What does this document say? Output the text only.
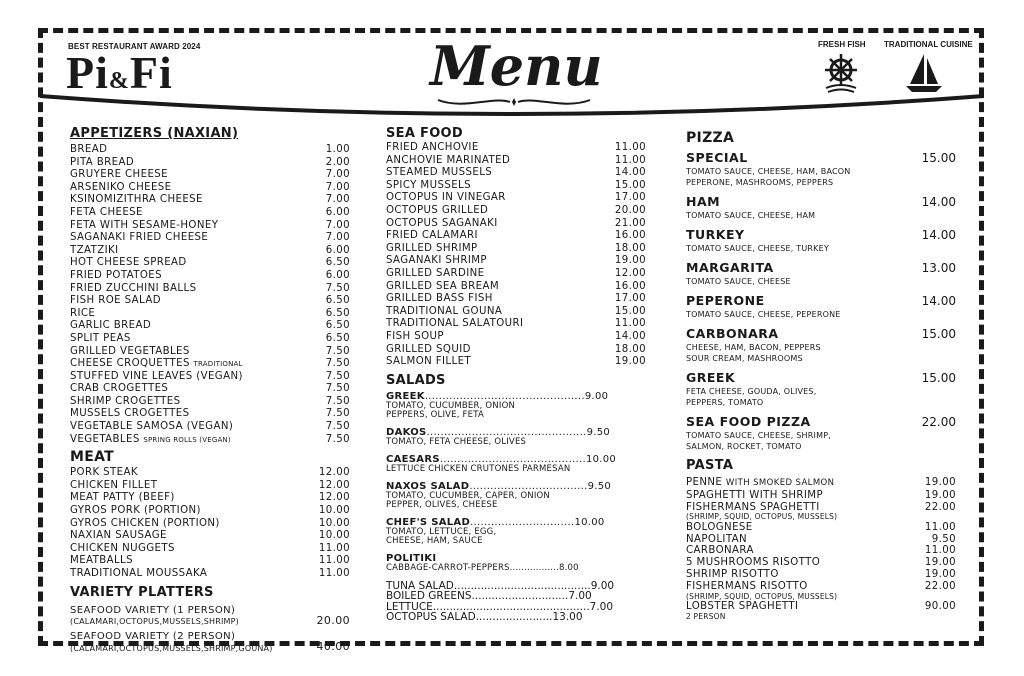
BEST RESTAURANT AWARD 2024
Pi&Fi	Menu	FRESH FISH TRADITIONAL CUISINE
APPETIZERS (NAXIAN)
BREAD	1.00
PITA BREAD	2.00
GRUYERE CHEESE	7.00
ARSENIKO CHEESE	7.00
KSINOMIZITHRA CHEESE	7.00
FETA CHEESE	6.00
FETA WITH SESAME-HONEY	7.00
SAGANAKI FRIED CHEESE	7.00
TZATZIKI	6.00
HOT CHEESE SPREAD	6.50
FRIED POTATOES	6.00
FRIED ZUCCHINI BALLS	7.50
FISH ROE SALAD	6.50
RICE	6.50
GARLIC BREAD	6.50
SPLIT PEAS	6.50
GRILLED VEGETABLES	7.50
CHEESE CROQUETTES TRADITIONAL	7.50
STUFFED VINE LEAVES (VEGAN)	7.50
CRAB CROGETTES	7.50
SHRIMP CROGETTES	7.50
MUSSELS CROGETTES	7.50
VEGETABLE SAMOSA (VEGAN)	7.50
VEGETABLES SPRING ROLLS (VEGAN)	7.50
MEAT
PORK STEAK	12.00
CHICKEN FILLET	12.00
MEAT PATTY (BEEF)	12.00
GYROS PORK (PORTION)	10.00
GYROS CHICKEN (PORTION)	10.00
NAXIAN SAUSAGE	10.00
CHICKEN NUGGETS	11.00
MEATBALLS	11.00
TRADITIONAL MOUSSAKA	11.00
VARIETY PLATTERS
SEAFOOD VARIETY (1 PERSON)
(CALAMARI,OCTOPUS,MUSSELS,SHRIMP)	20.00
SEAFOOD VARIETY (2 PERSON)
(CALAMARI,OCTOPUS,MUSSELS,SHRIMP,GOUNA)	40.00
SEA FOOD
FRIED ANCHOVIE	11.00
ANCHOVIE MARINATED	11.00
STEAMED MUSSELS	14.00
SPICY MUSSELS	15.00
OCTOPUS IN VINEGAR	17.00
OCTOPUS GRILLED	20.00
OCTOPUS SAGANAKI	21.00
FRIED CALAMARI	16.00
GRILLED SHRIMP	18.00
SAGANAKI SHRIMP	19.00
GRILLED SARDINE	12.00
GRILLED SEA BREAM	16.00
GRILLED BASS FISH	17.00
TRADITIONAL GOUNA	15.00
TRADITIONAL SALATOURI	11.00
FISH SOUP	14.00
GRILLED SQUID	18.00
SALMON FILLET	19.00
SALADS
GREEK..............................................9.00
TOMATO, CUCUMBER, ONION
PEPPERS, OLIVE, FETA
DAKOS..............................................9.50
TOMATO, FETA CHEESE, OLIVES
CAESARS..........................................10.00
LETTUCE CHICKEN CRUTONES PARMESAN
NAXOS SALAD..................................9.50
TOMATO, CUCUMBER, CAPER, ONION
PEPPER, OLIVES, CHEESE
CHEF'S SALAD..............................10.00
TOMATO, LETTUCE, EGG,
CHEESE, HAM, SAUCE
POLITIKI
CABBAGE-CARROT-PEPPERS.................8.00
TUNA SALAD.........................................9.00
BOILED GREENS.............................7.00
LETTUCE...............................................7.00
OCTOPUS SALAD.......................13.00
PIZZA
SPECIAL	15.00
TOMATO SAUCE, CHEESE, HAM, BACON
PEPERONE, MASHROOMS, PEPPERS
HAM	14.00
TOMATO SAUCE, CHEESE, HAM
TURKEY	14.00
TOMATO SAUCE, CHEESE, TURKEY
MARGARITA	13.00
TOMATO SAUCE, CHEESE
PEPERONE	14.00
TOMATO SAUCE, CHEESE, PEPERONE
CARBONARA	15.00
CHEESE, HAM, BACON, PEPPERS
SOUR CREAM, MASHROOMS
GREEK	15.00
FETA CHEESE, GOUDA, OLIVES,
PEPPERS, TOMATO
SEA FOOD PIZZA	22.00
TOMATO SAUCE, CHEESE, SHRIMP,
SALMON, ROCKET, TOMATO
PASTA
PENNE WITH SMOKED SALMON	19.00
SPAGHETTI WITH SHRIMP	19.00
FISHERMANS SPAGHETTI	22.00
(SHRIMP, SQUID, OCTOPUS, MUSSELS)
BOLOGNESE	11.00
NAPOLITAN	9.50
CARBONARA	11.00
5 MUSHROOMS RISOTTO	19.00
SHRIMP RISOTTO	19.00
FISHERMANS RISOTTO	22.00
(SHRIMP, SQUID, OCTOPUS, MUSSELS)
LOBSTER SPAGHETTI	90.00
2 PERSON
